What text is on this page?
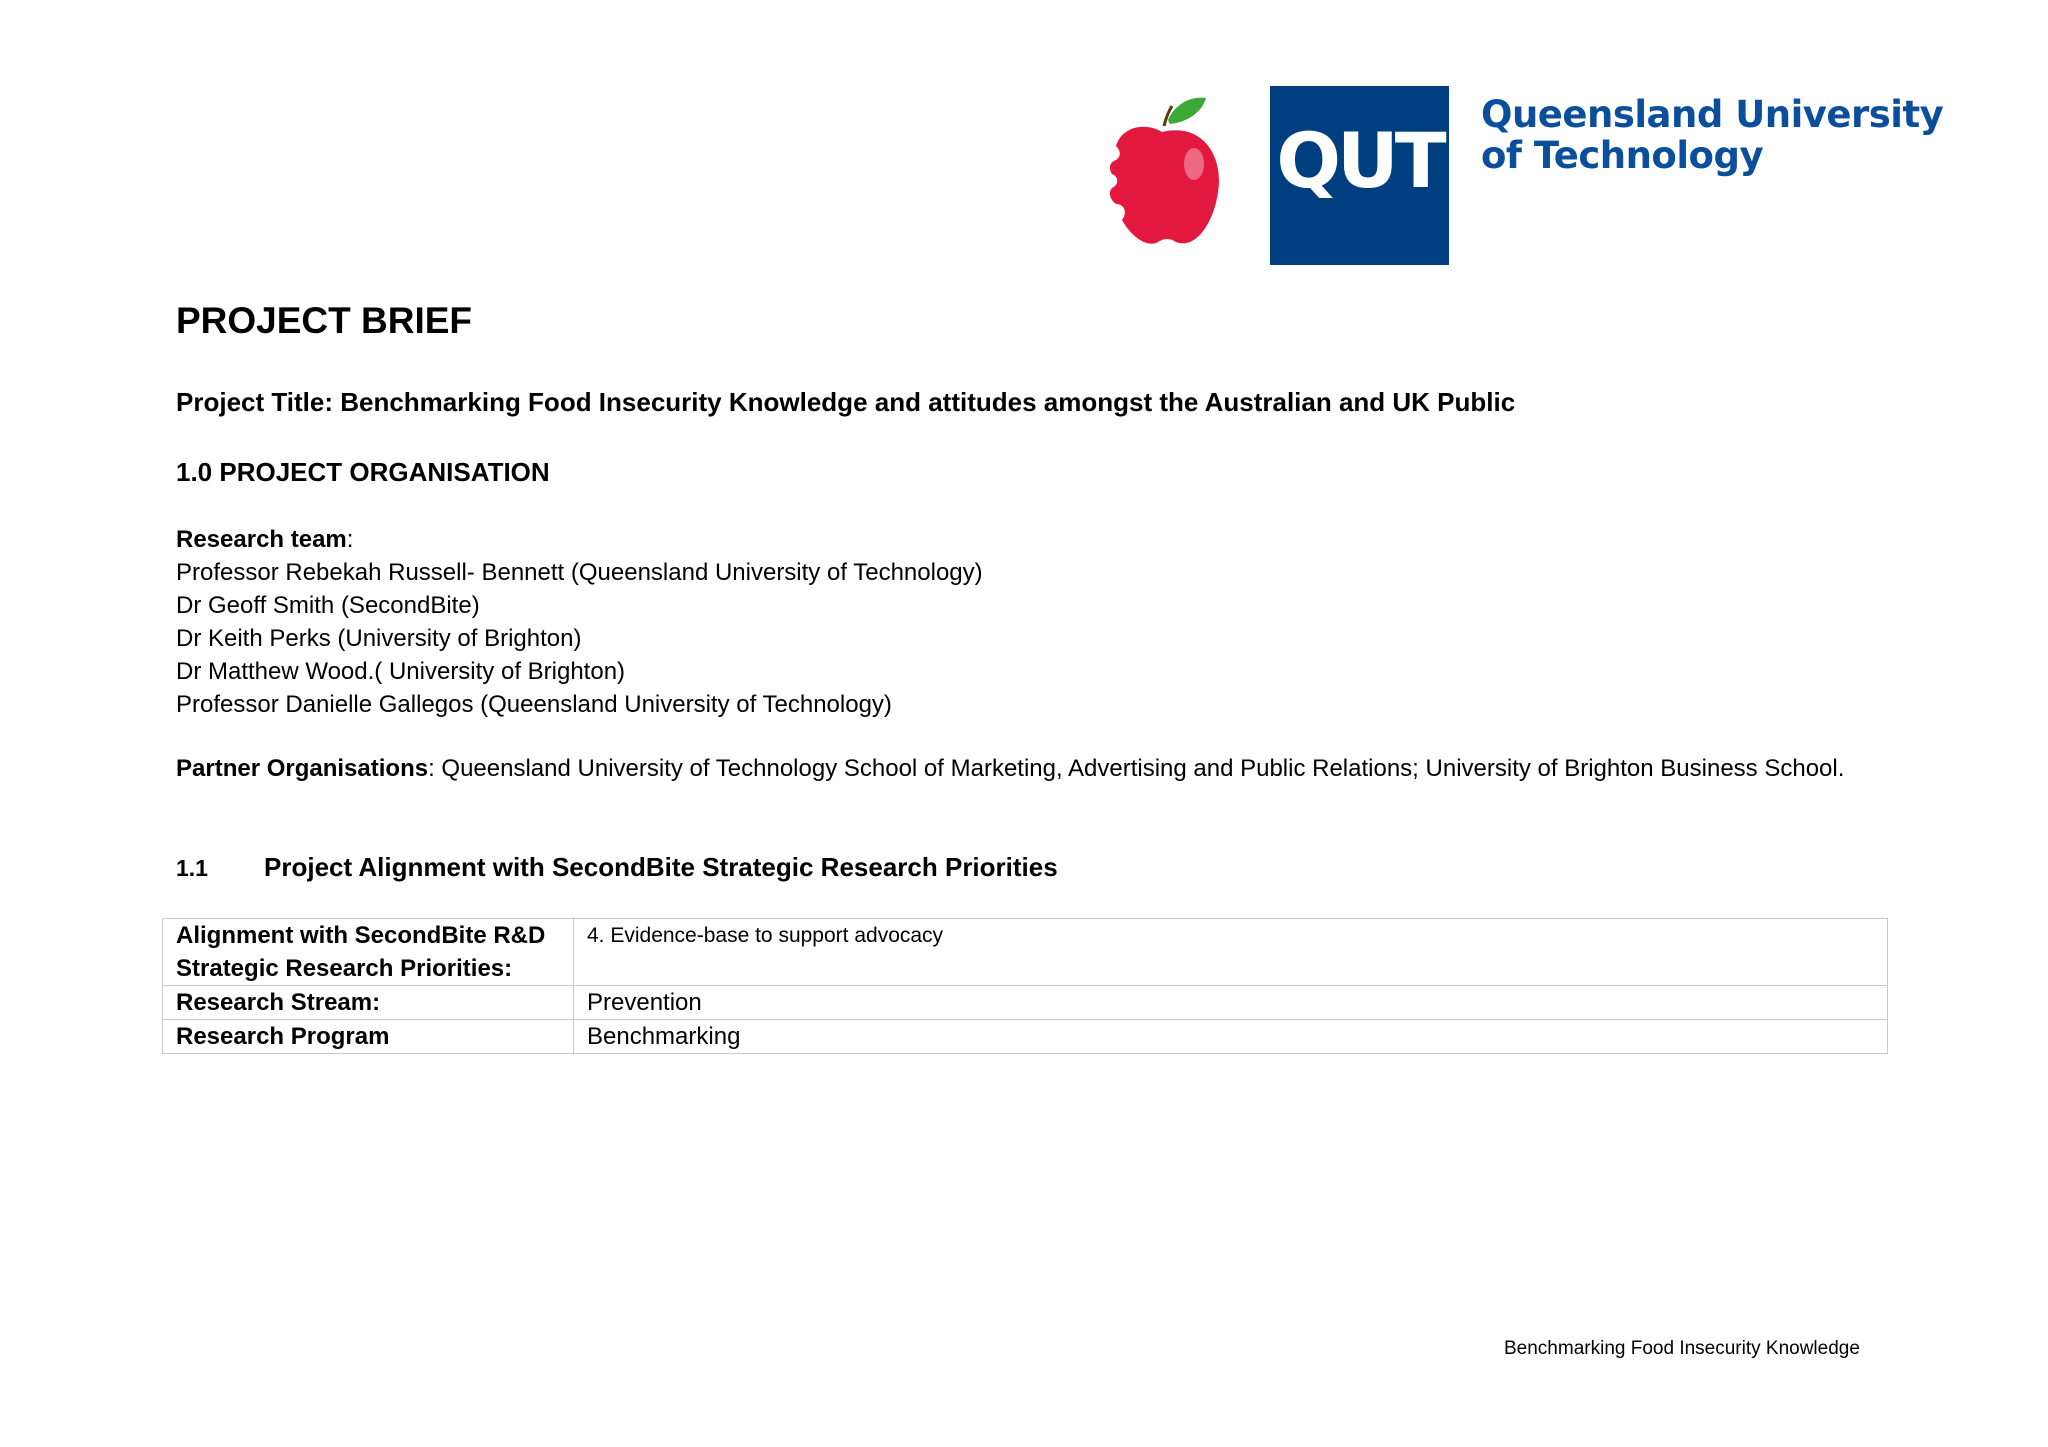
QUT
Queensland University
of Technology
PROJECT BRIEF
Project Title: Benchmarking Food Insecurity Knowledge and attitudes amongst the Australian and UK Public
1.0 PROJECT ORGANISATION
Research team:
Professor Rebekah Russell- Bennett (Queensland University of Technology)
Dr Geoff Smith (SecondBite)
Dr Keith Perks (University of Brighton)
Dr Matthew Wood.( University of Brighton)
Professor Danielle Gallegos (Queensland University of Technology)
Partner Organisations: Queensland University of Technology School of Marketing, Advertising and Public Relations; University of Brighton Business School.
1.1 Project Alignment with SecondBite Strategic Research Priorities
Alignment with SecondBite R&D
Strategic Research Priorities:	4. Evidence-base to support advocacy
Research Stream:	Prevention
Research Program	Benchmarking
Benchmarking Food Insecurity Knowledge
